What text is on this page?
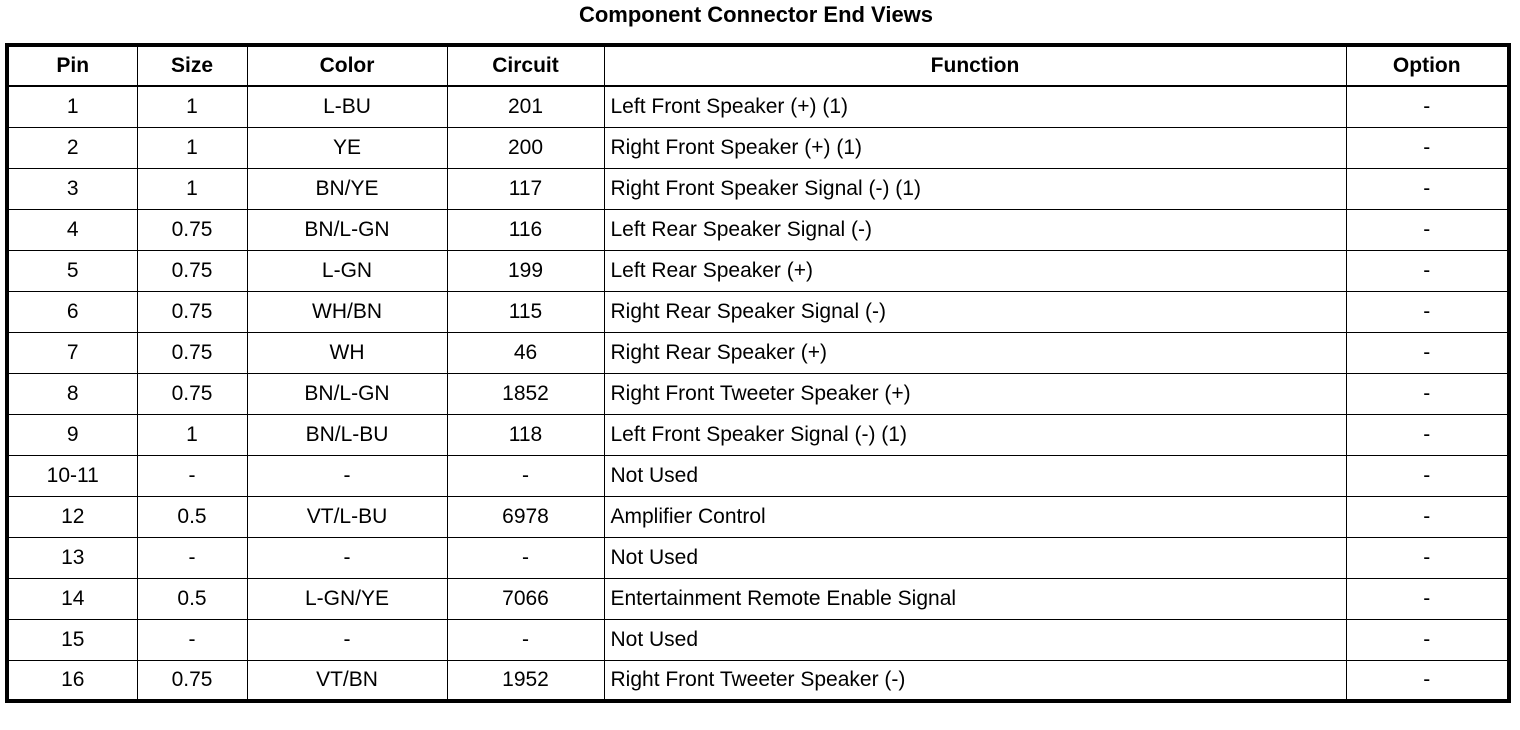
Component Connector End Views
Pin	Size	Color	Circuit	Function	Option
1	1	L-BU	201	Left Front Speaker (+) (1)	-
2	1	YE	200	Right Front Speaker (+) (1)	-
3	1	BN/YE	117	Right Front Speaker Signal (-) (1)	-
4	0.75	BN/L-GN	116	Left Rear Speaker Signal (-)	-
5	0.75	L-GN	199	Left Rear Speaker (+)	-
6	0.75	WH/BN	115	Right Rear Speaker Signal (-)	-
7	0.75	WH	46	Right Rear Speaker (+)	-
8	0.75	BN/L-GN	1852	Right Front Tweeter Speaker (+)	-
9	1	BN/L-BU	118	Left Front Speaker Signal (-) (1)	-
10-11	-	-	-	Not Used	-
12	0.5	VT/L-BU	6978	Amplifier Control	-
13	-	-	-	Not Used	-
14	0.5	L-GN/YE	7066	Entertainment Remote Enable Signal	-
15	-	-	-	Not Used	-
16	0.75	VT/BN	1952	Right Front Tweeter Speaker (-)	-
